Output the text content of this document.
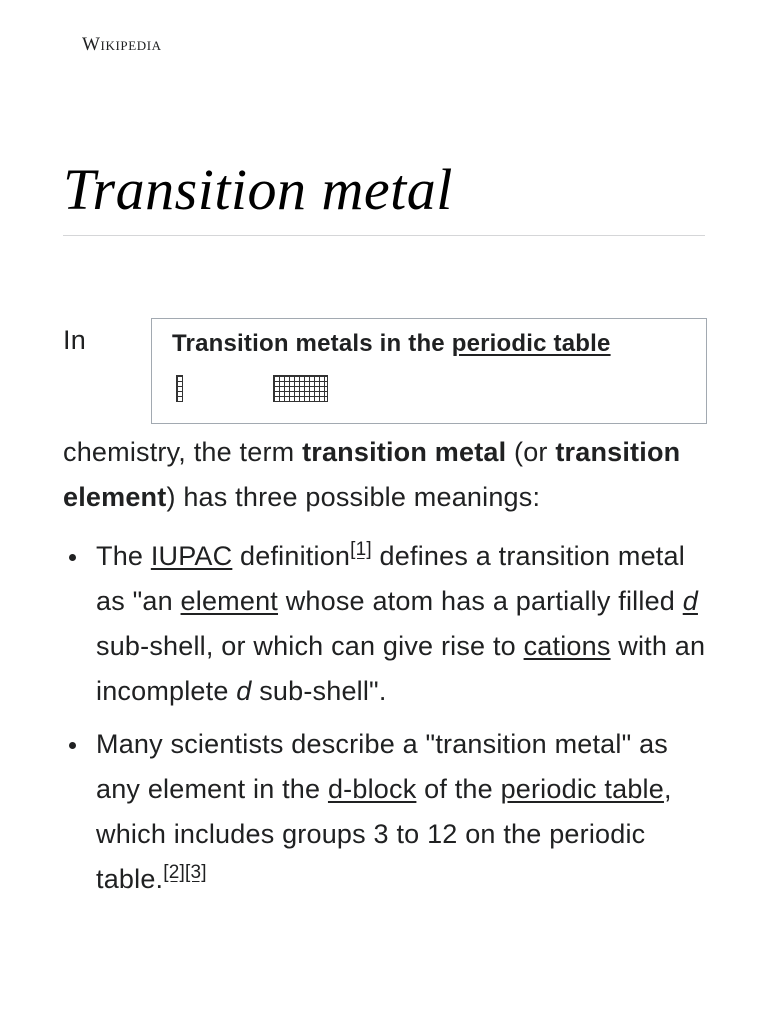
Wikipedia
Transition metal
Transition metals in the periodic table

In chemistry, the term transition metal (or transition element) has three possible meanings:

The IUPAC definition[1] defines a transition metal as "an element whose atom has a partially filled d sub-shell, or which can give rise to cations with an incomplete d sub-shell".
Many scientists describe a "transition metal" as any element in the d-block of the periodic table, which includes groups 3 to 12 on the periodic table.[2][3]
